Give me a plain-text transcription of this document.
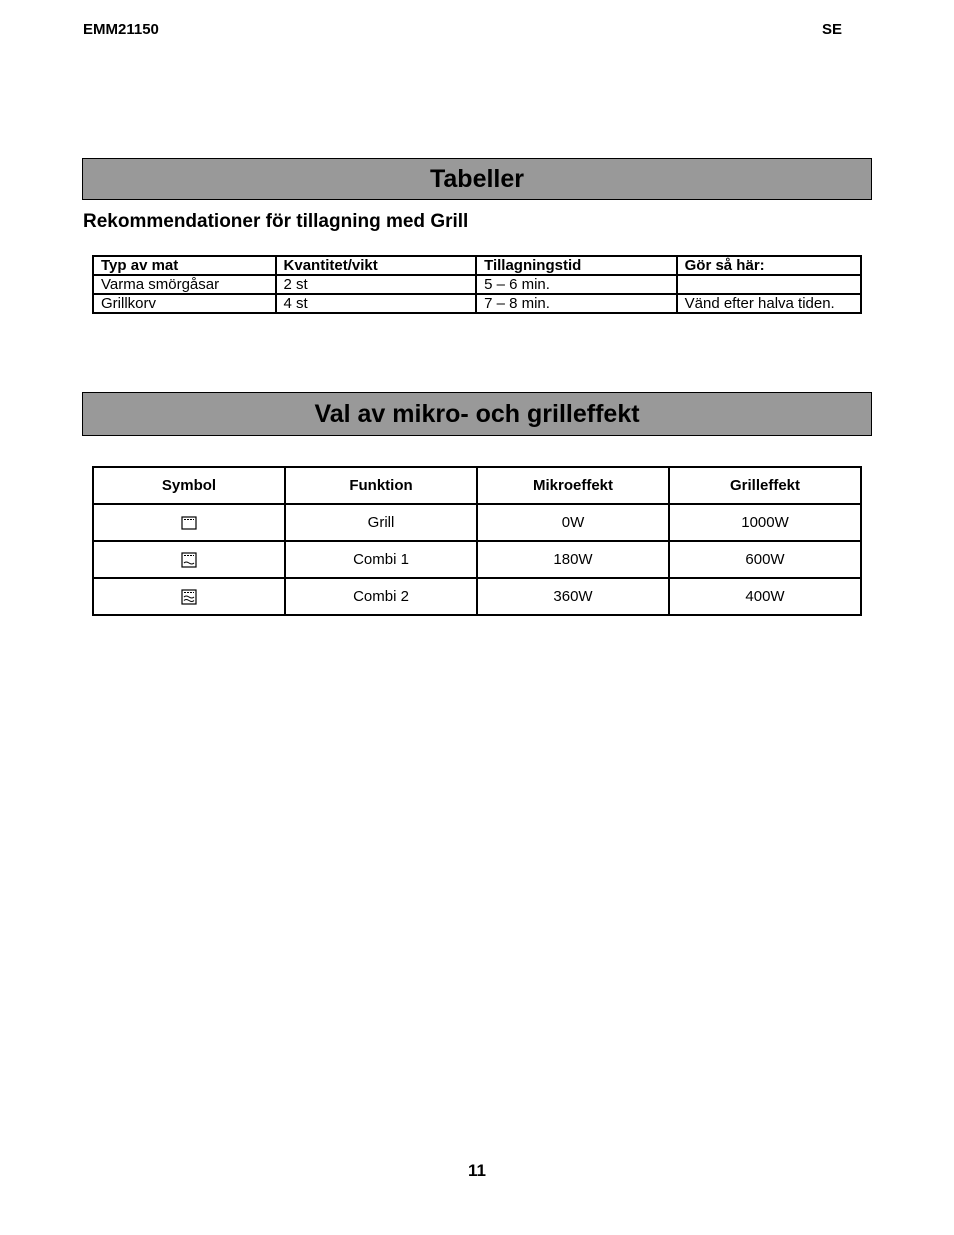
EMM21150	SE
Tabeller
Rekommendationer för tillagning med Grill
Typ av mat	Kvantitet/vikt	Tillagningstid	Gör så här:
Varma smörgåsar	2 st	5 – 6 min.	
Grillkorv	4 st	7 – 8 min.	Vänd efter halva tiden.
Val av mikro- och grilleffekt
Symbol	Funktion	Mikroeffekt	Grilleffekt
	Grill	0W	1000W
	Combi 1	180W	600W
	Combi 2	360W	400W
11
